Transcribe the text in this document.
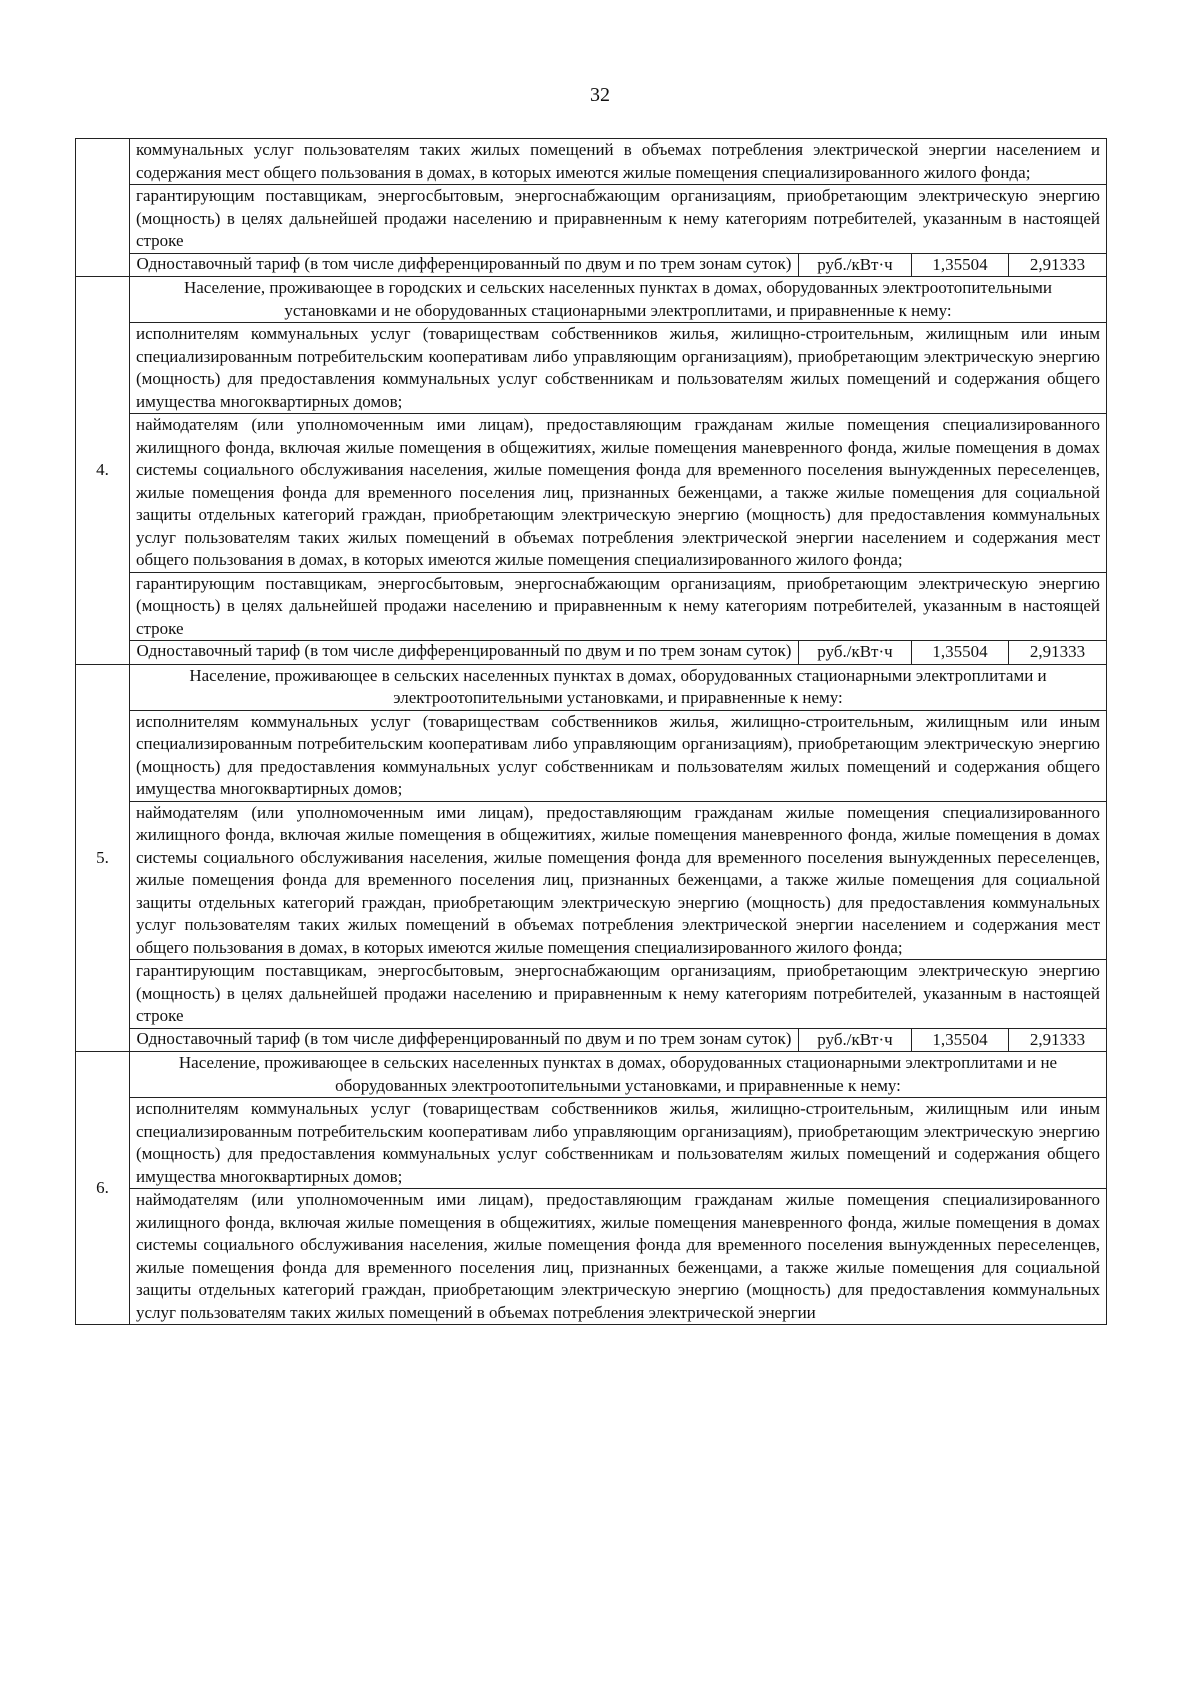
32
	коммунальных услуг пользователям таких жилых помещений в объемах потребления электрической энергии населением и содержания мест общего пользования в домах, в которых имеются жилые помещения специализированного жилого фонда;			
	гарантирующим поставщикам, энергосбытовым, энергоснабжающим организациям, приобретающим электрическую энергию (мощность) в целях дальнейшей продажи населению и приравненным к нему категориям потребителей, указанным в настоящей строке			
	Одноставочный тариф (в том числе дифференцированный по двум и по трем зонам суток)	руб./кВт·ч	1,35504	2,91333
4.	Население, проживающее в городских и сельских населенных пунктах в домах, оборудованных электроотопительными установками и не оборудованных стационарными электроплитами, и приравненные к нему:			
	исполнителям коммунальных услуг (товариществам собственников жилья, жилищно-строительным, жилищным или иным специализированным потребительским кооперативам либо управляющим организациям), приобретающим электрическую энергию (мощность) для предоставления коммунальных услуг собственникам и пользователям жилых помещений и содержания общего имущества многоквартирных домов;			
	наймодателям (или уполномоченным ими лицам), предоставляющим гражданам жилые помещения специализированного жилищного фонда, включая жилые помещения в общежитиях, жилые помещения маневренного фонда, жилые помещения в домах системы социального обслуживания населения, жилые помещения фонда для временного поселения вынужденных переселенцев, жилые помещения фонда для временного поселения лиц, признанных беженцами, а также жилые помещения для социальной защиты отдельных категорий граждан, приобретающим электрическую энергию (мощность) для предоставления коммунальных услуг пользователям таких жилых помещений в объемах потребления электрической энергии населением и содержания мест общего пользования в домах, в которых имеются жилые помещения специализированного жилого фонда;			
	гарантирующим поставщикам, энергосбытовым, энергоснабжающим организациям, приобретающим электрическую энергию (мощность) в целях дальнейшей продажи населению и приравненным к нему категориям потребителей, указанным в настоящей строке			
	Одноставочный тариф (в том числе дифференцированный по двум и по трем зонам суток)	руб./кВт·ч	1,35504	2,91333
5.	Население, проживающее в сельских населенных пунктах в домах, оборудованных стационарными электроплитами и электроотопительными установками, и приравненные к нему:			
	исполнителям коммунальных услуг (товариществам собственников жилья, жилищно-строительным, жилищным или иным специализированным потребительским кооперативам либо управляющим организациям), приобретающим электрическую энергию (мощность) для предоставления коммунальных услуг собственникам и пользователям жилых помещений и содержания общего имущества многоквартирных домов;			
	наймодателям (или уполномоченным ими лицам), предоставляющим гражданам жилые помещения специализированного жилищного фонда, включая жилые помещения в общежитиях, жилые помещения маневренного фонда, жилые помещения в домах системы социального обслуживания населения, жилые помещения фонда для временного поселения вынужденных переселенцев, жилые помещения фонда для временного поселения лиц, признанных беженцами, а также жилые помещения для социальной защиты отдельных категорий граждан, приобретающим электрическую энергию (мощность) для предоставления коммунальных услуг пользователям таких жилых помещений в объемах потребления электрической энергии населением и содержания мест общего пользования в домах, в которых имеются жилые помещения специализированного жилого фонда;			
	гарантирующим поставщикам, энергосбытовым, энергоснабжающим организациям, приобретающим электрическую энергию (мощность) в целях дальнейшей продажи населению и приравненным к нему категориям потребителей, указанным в настоящей строке			
	Одноставочный тариф (в том числе дифференцированный по двум и по трем зонам суток)	руб./кВт·ч	1,35504	2,91333
6.	Население, проживающее в сельских населенных пунктах в домах, оборудованных стационарными электроплитами и не оборудованных электроотопительными установками, и приравненные к нему:			
	исполнителям коммунальных услуг (товариществам собственников жилья, жилищно-строительным, жилищным или иным специализированным потребительским кооперативам либо управляющим организациям), приобретающим электрическую энергию (мощность) для предоставления коммунальных услуг собственникам и пользователям жилых помещений и содержания общего имущества многоквартирных домов;			
	наймодателям (или уполномоченным ими лицам), предоставляющим гражданам жилые помещения специализированного жилищного фонда, включая жилые помещения в общежитиях, жилые помещения маневренного фонда, жилые помещения в домах системы социального обслуживания населения, жилые помещения фонда для временного поселения вынужденных переселенцев, жилые помещения фонда для временного поселения лиц, признанных беженцами, а также жилые помещения для социальной защиты отдельных категорий граждан, приобретающим электрическую энергию (мощность) для предоставления коммунальных услуг пользователям таких жилых помещений в объемах потребления электрической энергии			
